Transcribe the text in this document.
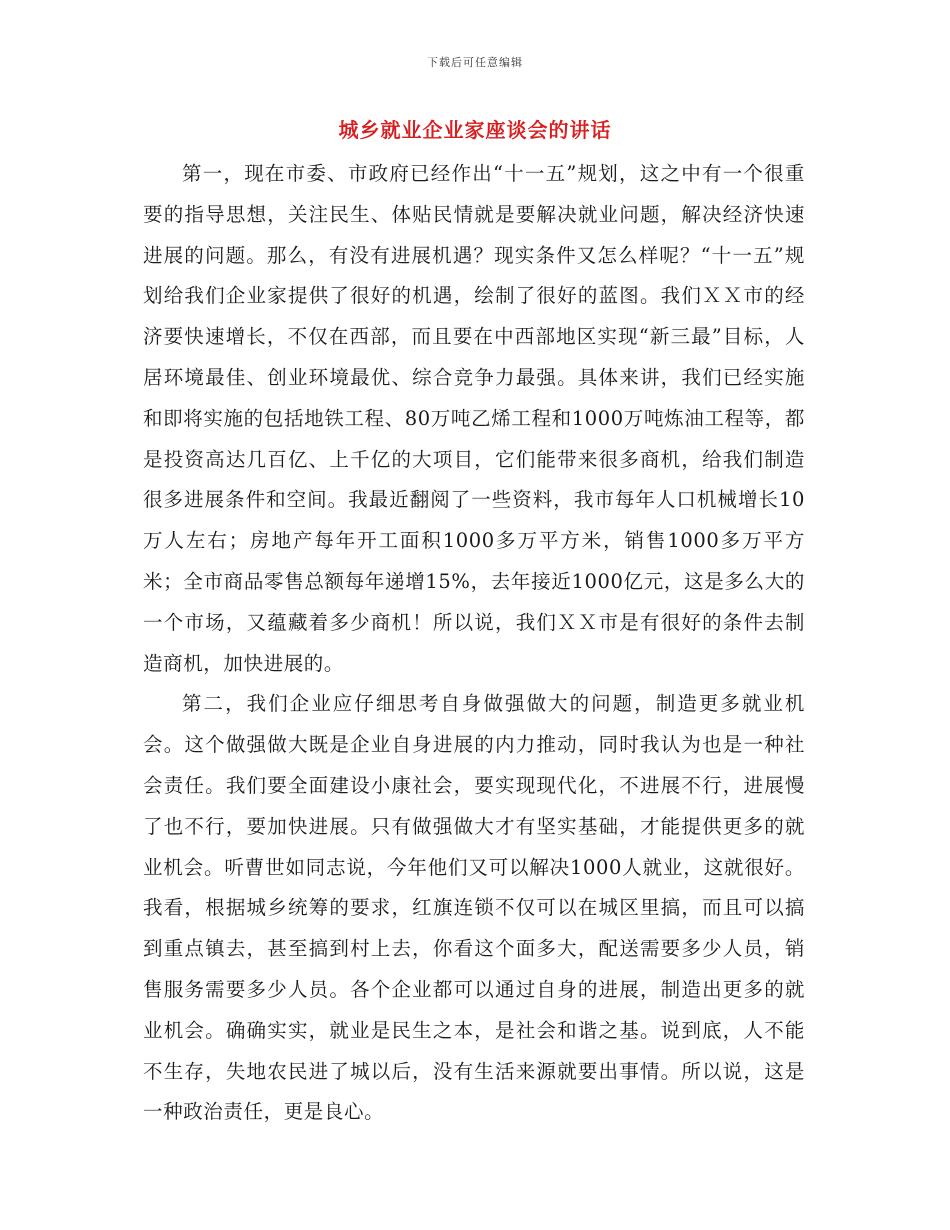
下载后可任意编辑
城乡就业企业家座谈会的讲话

第一，现在市委、市政府已经作出“十一五”规划，这之中有一个很重要的指导思想，关注民生、体贴民情就是要解决就业问题，解决经济快速进展的问题。那么，有没有进展机遇？现实条件又怎么样呢？“十一五”规划给我们企业家提供了很好的机遇，绘制了很好的蓝图。我们ＸＸ市的经济要快速增长，不仅在西部，而且要在中西部地区实现“新三最”目标，人居环境最佳、创业环境最优、综合竞争力最强。具体来讲，我们已经实施和即将实施的包括地铁工程、80万吨乙烯工程和1000万吨炼油工程等，都是投资高达几百亿、上千亿的大项目，它们能带来很多商机，给我们制造很多进展条件和空间。我最近翻阅了一些资料，我市每年人口机械增长10万人左右；房地产每年开工面积1000多万平方米，销售1000多万平方米；全市商品零售总额每年递增15%，去年接近1000亿元，这是多么大的一个市场，又蕴藏着多少商机！所以说，我们ＸＸ市是有很好的条件去制造商机，加快进展的。

第二，我们企业应仔细思考自身做强做大的问题，制造更多就业机会。这个做强做大既是企业自身进展的内力推动，同时我认为也是一种社会责任。我们要全面建设小康社会，要实现现代化，不进展不行，进展慢了也不行，要加快进展。只有做强做大才有坚实基础，才能提供更多的就业机会。听曹世如同志说，今年他们又可以解决1000人就业，这就很好。我看，根据城乡统筹的要求，红旗连锁不仅可以在城区里搞，而且可以搞到重点镇去，甚至搞到村上去，你看这个面多大，配送需要多少人员，销售服务需要多少人员。各个企业都可以通过自身的进展，制造出更多的就业机会。确确实实，就业是民生之本，是社会和谐之基。说到底，人不能不生存，失地农民进了城以后，没有生活来源就要出事情。所以说，这是一种政治责任，更是良心。
